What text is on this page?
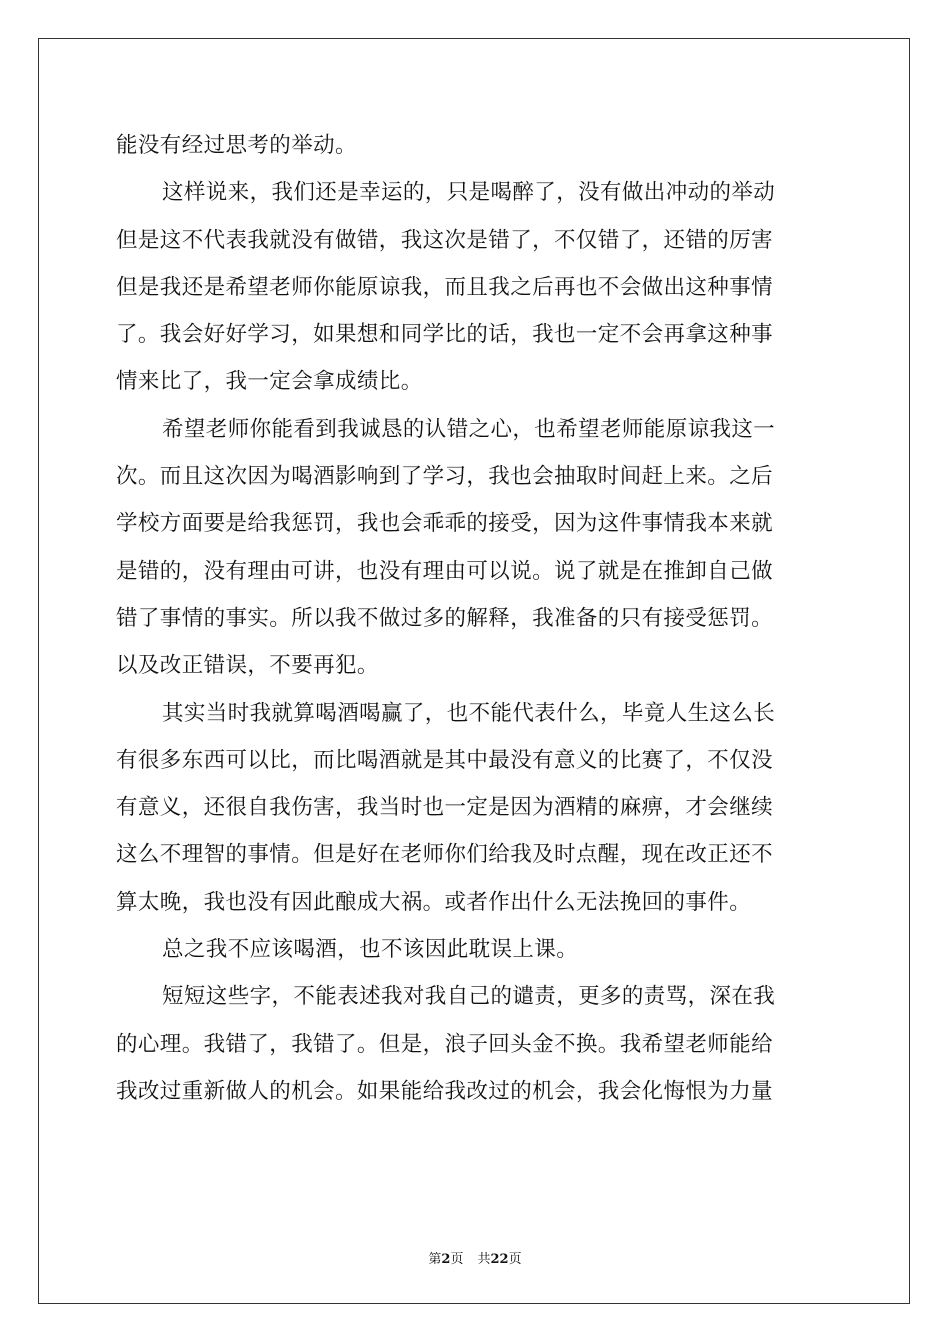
能没有经过思考的举动。
这样说来，我们还是幸运的，只是喝醉了，没有做出冲动的举动
但是这不代表我就没有做错，我这次是错了，不仅错了，还错的厉害
但是我还是希望老师你能原谅我，而且我之后再也不会做出这种事情
了。我会好好学习，如果想和同学比的话，我也一定不会再拿这种事
情来比了，我一定会拿成绩比。
希望老师你能看到我诚恳的认错之心，也希望老师能原谅我这一
次。而且这次因为喝酒影响到了学习，我也会抽取时间赶上来。之后
学校方面要是给我惩罚，我也会乖乖的接受，因为这件事情我本来就
是错的，没有理由可讲，也没有理由可以说。说了就是在推卸自己做
错了事情的事实。所以我不做过多的解释，我准备的只有接受惩罚。
以及改正错误，不要再犯。
其实当时我就算喝酒喝赢了，也不能代表什么，毕竟人生这么长
有很多东西可以比，而比喝酒就是其中最没有意义的比赛了，不仅没
有意义，还很自我伤害，我当时也一定是因为酒精的麻痹，才会继续
这么不理智的事情。但是好在老师你们给我及时点醒，现在改正还不
算太晚，我也没有因此酿成大祸。或者作出什么无法挽回的事件。
总之我不应该喝酒，也不该因此耽误上课。
短短这些字，不能表述我对我自己的谴责，更多的责骂，深在我
的心理。我错了，我错了。但是，浪子回头金不换。我希望老师能给
我改过重新做人的机会。如果能给我改过的机会，我会化悔恨为力量
第2页 共22页
